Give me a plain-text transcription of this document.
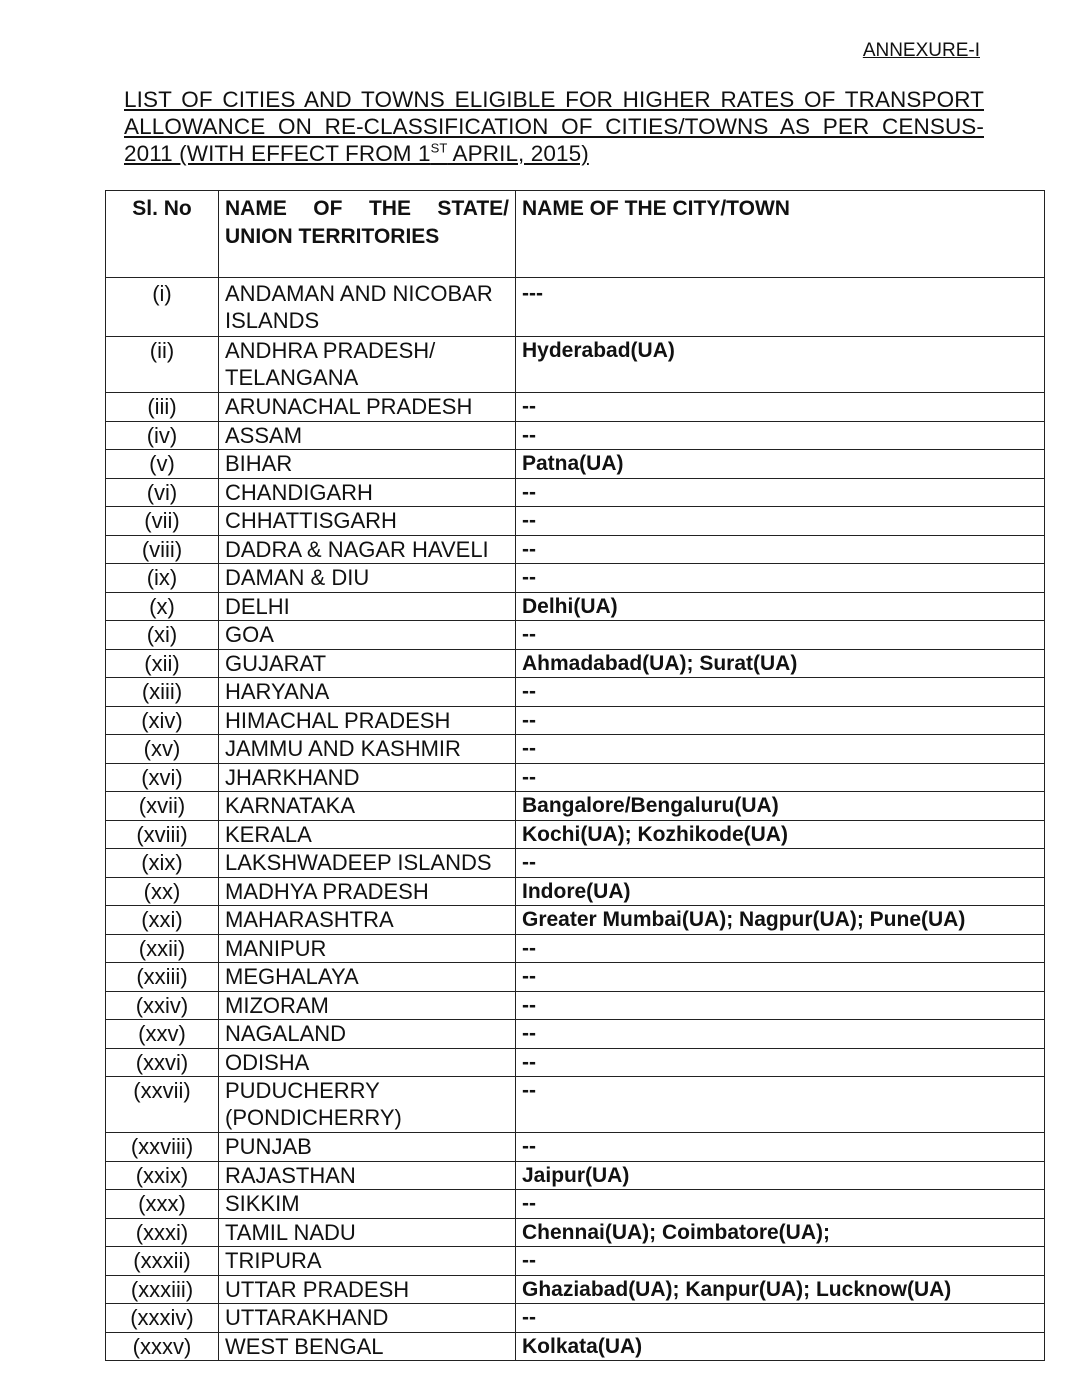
ANNEXURE-I
LIST OF CITIES AND TOWNS ELIGIBLE FOR HIGHER RATES OF TRANSPORT ALLOWANCE ON RE-CLASSIFICATION OF CITIES/TOWNS AS PER CENSUS-2011 (WITH EFFECT FROM 1ST APRIL, 2015)
Sl. No	NAME OF THE STATE/ UNION TERRITORIES	NAME OF THE CITY/TOWN
(i)	ANDAMAN AND NICOBAR ISLANDS	---
(ii)	ANDHRA PRADESH/ TELANGANA	Hyderabad(UA)
(iii)	ARUNACHAL PRADESH	--
(iv)	ASSAM	--
(v)	BIHAR	Patna(UA)
(vi)	CHANDIGARH	--
(vii)	CHHATTISGARH	--
(viii)	DADRA & NAGAR HAVELI	--
(ix)	DAMAN & DIU	--
(x)	DELHI	Delhi(UA)
(xi)	GOA	--
(xii)	GUJARAT	Ahmadabad(UA); Surat(UA)
(xiii)	HARYANA	--
(xiv)	HIMACHAL PRADESH	--
(xv)	JAMMU AND KASHMIR	--
(xvi)	JHARKHAND	--
(xvii)	KARNATAKA	Bangalore/Bengaluru(UA)
(xviii)	KERALA	Kochi(UA); Kozhikode(UA)
(xix)	LAKSHWADEEP ISLANDS	--
(xx)	MADHYA PRADESH	Indore(UA)
(xxi)	MAHARASHTRA	Greater Mumbai(UA); Nagpur(UA); Pune(UA)
(xxii)	MANIPUR	--
(xxiii)	MEGHALAYA	--
(xxiv)	MIZORAM	--
(xxv)	NAGALAND	--
(xxvi)	ODISHA	--
(xxvii)	PUDUCHERRY (PONDICHERRY)	--
(xxviii)	PUNJAB	--
(xxix)	RAJASTHAN	Jaipur(UA)
(xxx)	SIKKIM	--
(xxxi)	TAMIL NADU	Chennai(UA); Coimbatore(UA);
(xxxii)	TRIPURA	--
(xxxiii)	UTTAR PRADESH	Ghaziabad(UA); Kanpur(UA); Lucknow(UA)
(xxxiv)	UTTARAKHAND	--
(xxxv)	WEST BENGAL	Kolkata(UA)
